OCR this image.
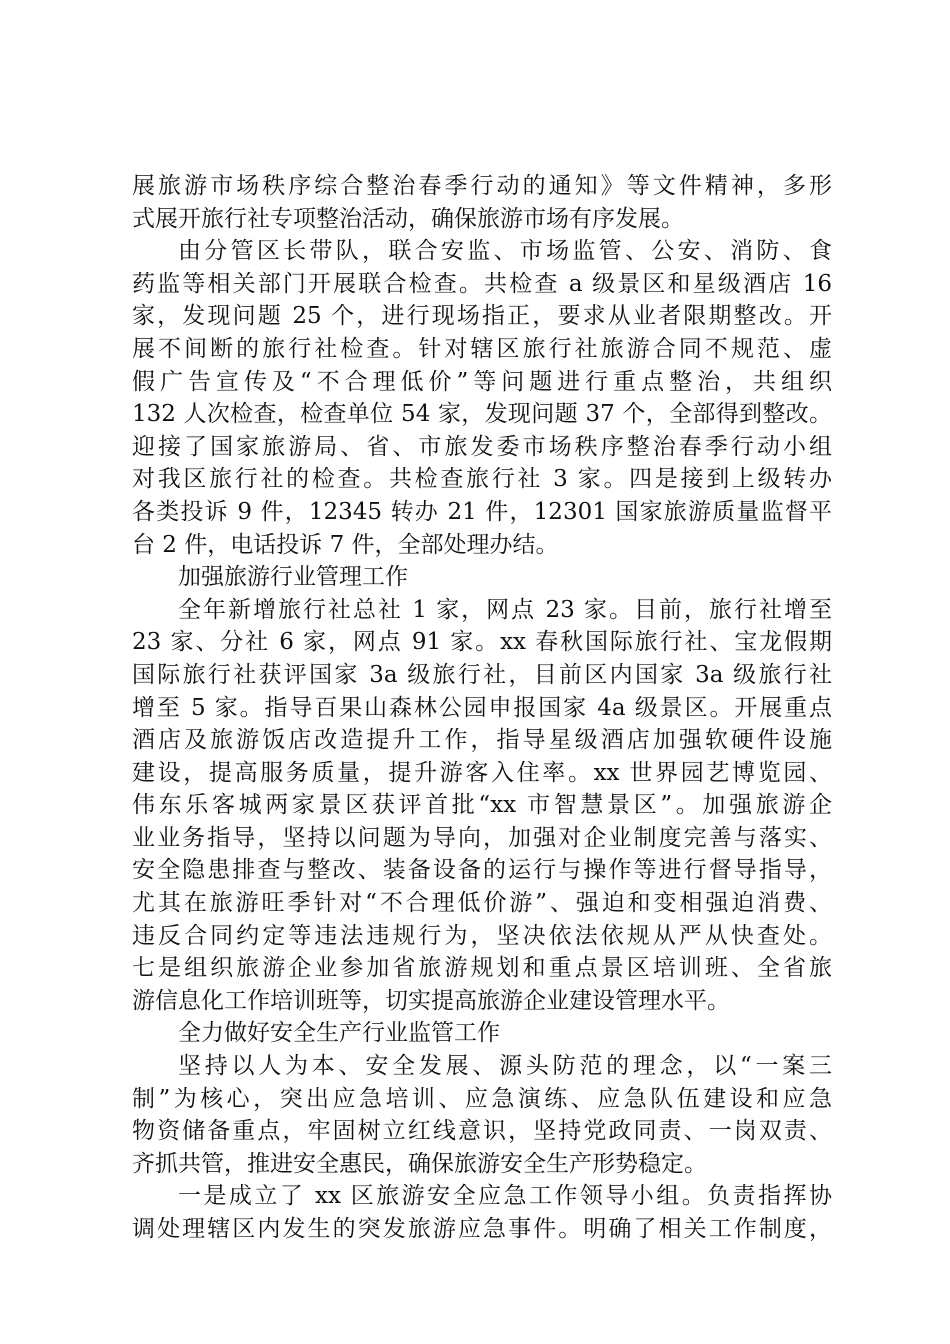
展旅游市场秩序综合整治春季行动的通知》等文件精神，多形
式展开旅行社专项整治活动，确保旅游市场有序发展。
由分管区长带队，联合安监、市场监管、公安、消防、食
药监等相关部门开展联合检查。共检查 a 级景区和星级酒店 16
家，发现问题 25 个，进行现场指正，要求从业者限期整改。开
展不间断的旅行社检查。针对辖区旅行社旅游合同不规范、虚
假广告宣传及“不合理低价”等问题进行重点整治，共组织
132 人次检查，检查单位 54 家，发现问题 37 个，全部得到整改。
迎接了国家旅游局、省、市旅发委市场秩序整治春季行动小组
对我区旅行社的检查。共检查旅行社 3 家。四是接到上级转办
各类投诉 9 件，12345 转办 21 件，12301 国家旅游质量监督平
台 2 件，电话投诉 7 件，全部处理办结。
加强旅游行业管理工作
全年新增旅行社总社 1 家，网点 23 家。目前，旅行社增至
23 家、分社 6 家，网点 91 家。xx 春秋国际旅行社、宝龙假期
国际旅行社获评国家 3a 级旅行社，目前区内国家 3a 级旅行社
增至 5 家。指导百果山森林公园申报国家 4a 级景区。开展重点
酒店及旅游饭店改造提升工作，指导星级酒店加强软硬件设施
建设，提高服务质量，提升游客入住率。xx 世界园艺博览园、
伟东乐客城两家景区获评首批“xx 市智慧景区”。加强旅游企
业业务指导，坚持以问题为导向，加强对企业制度完善与落实、
安全隐患排查与整改、装备设备的运行与操作等进行督导指导，
尤其在旅游旺季针对“不合理低价游”、强迫和变相强迫消费、
违反合同约定等违法违规行为，坚决依法依规从严从快查处。
七是组织旅游企业参加省旅游规划和重点景区培训班、全省旅
游信息化工作培训班等，切实提高旅游企业建设管理水平。
全力做好安全生产行业监管工作
坚持以人为本、安全发展、源头防范的理念，以“一案三
制”为核心，突出应急培训、应急演练、应急队伍建设和应急
物资储备重点，牢固树立红线意识，坚持党政同责、一岗双责、
齐抓共管，推进安全惠民，确保旅游安全生产形势稳定。
一是成立了 xx 区旅游安全应急工作领导小组。负责指挥协
调处理辖区内发生的突发旅游应急事件。明确了相关工作制度，
